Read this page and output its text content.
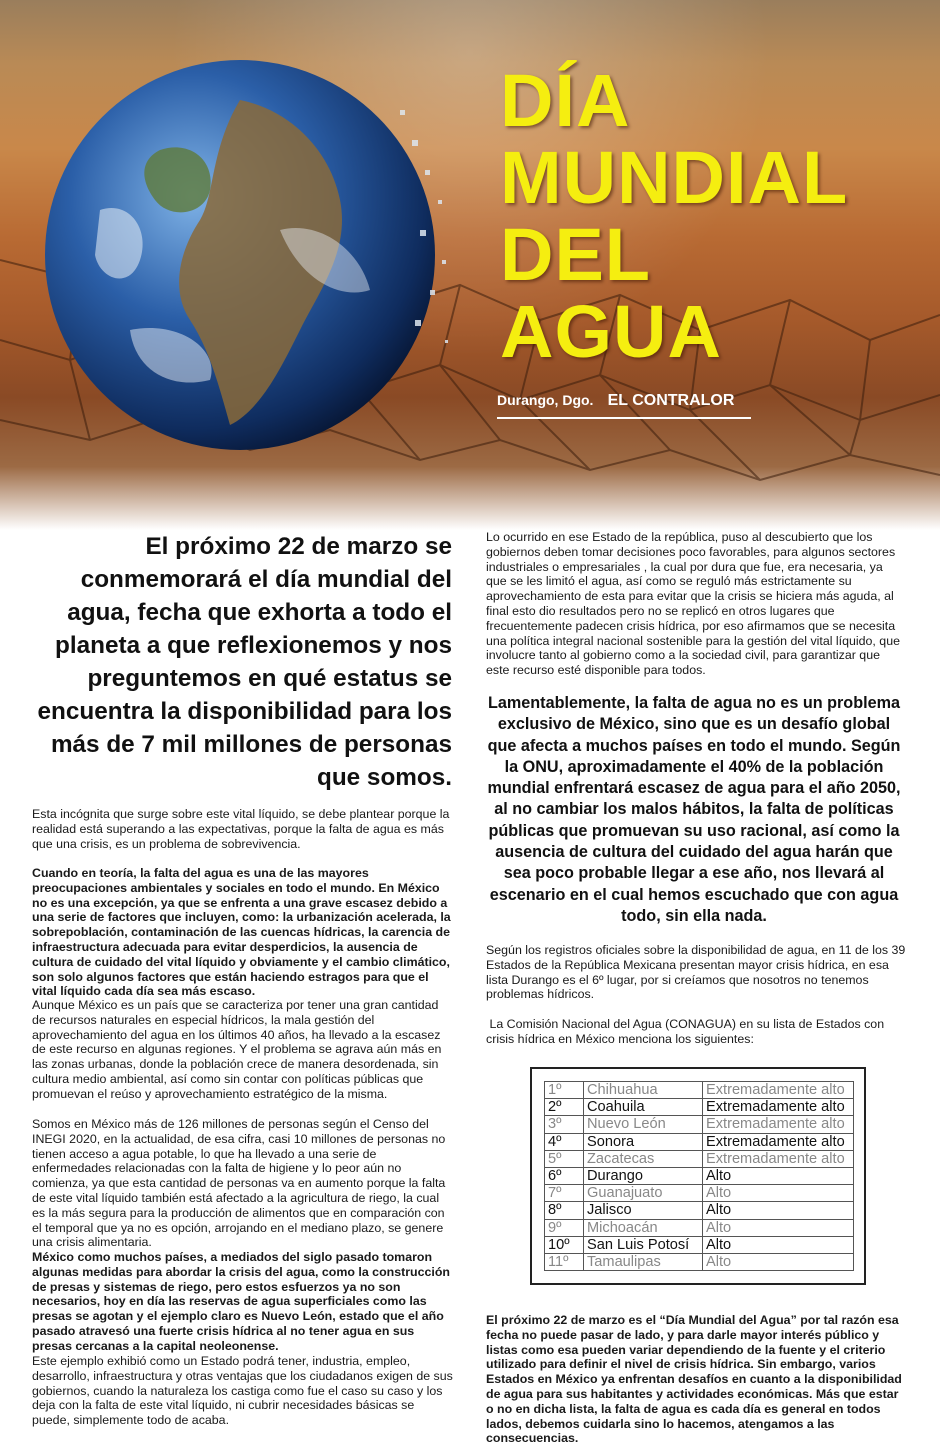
DÍA
MUNDIAL
DEL
AGUA
Durango, Dgo. EL CONTRALOR

El próximo 22 de marzo se conmemorará el día mundial del agua, fecha que exhorta a todo el planeta a que reflexionemos y nos preguntemos en qué estatus se encuentra la disponibilidad para los más de 7 mil millones de personas que somos.

Esta incógnita que surge sobre este vital líquido, se debe plantear porque la realidad está superando a las expectativas, porque la falta de agua es más que una crisis, es un problema de sobrevivencia.

Cuando en teoría, la falta del agua es una de las mayores preocupaciones ambientales y sociales en todo el mundo. En México no es una excepción, ya que se enfrenta a una grave escasez debido a una serie de factores que incluyen, como: la urbanización acelerada, la sobrepoblación, contaminación de las cuencas hídricas, la carencia de infraestructura adecuada para evitar desperdicios, la ausencia de cultura de cuidado del vital líquido y obviamente y el cambio climático, son solo algunos factores que están haciendo estragos para que el vital líquido cada día sea más escaso.

Aunque México es un país que se caracteriza por tener una gran cantidad de recursos naturales en especial hídricos, la mala gestión del aprovechamiento del agua en los últimos 40 años, ha llevado a la escasez de este recurso en algunas regiones. Y el problema se agrava aún más en las zonas urbanas, donde la población crece de manera desordenada, sin cultura medio ambiental, así como sin contar con políticas públicas que promuevan el reúso y aprovechamiento estratégico de la misma.

Somos en México más de 126 millones de personas según el Censo del INEGI 2020, en la actualidad, de esa cifra, casi 10 millones de personas no tienen acceso a agua potable, lo que ha llevado a una serie de enfermedades relacionadas con la falta de higiene y lo peor aún no comienza, ya que esta cantidad de personas va en aumento porque la falta de este vital líquido también está afectado a la agricultura de riego, la cual es la más segura para la producción de alimentos que en comparación con el temporal que ya no es opción, arrojando en el mediano plazo, se genere una crisis alimentaria.

México como muchos países, a mediados del siglo pasado tomaron algunas medidas para abordar la crisis del agua, como la construcción de presas y sistemas de riego, pero estos esfuerzos ya no son necesarios, hoy en día las reservas de agua superficiales como las presas se agotan y el ejemplo claro es Nuevo León, estado que el año pasado atravesó una fuerte crisis hídrica al no tener agua en sus presas cercanas a la capital neoleonense.

Este ejemplo exhibió como un Estado podrá tener, industria, empleo, desarrollo, infraestructura y otras ventajas que los ciudadanos exigen de sus gobiernos, cuando la naturaleza los castiga como fue el caso su caso y los deja con la falta de este vital líquido, ni cubrir necesidades básicas se puede, simplemente todo de acaba.

Lo ocurrido en ese Estado de la república, puso al descubierto que los gobiernos deben tomar decisiones poco favorables, para algunos sectores industriales o empresariales , la cual por dura que fue, era necesaria, ya que se les limitó el agua, así como se reguló más estrictamente su aprovechamiento de esta para evitar que la crisis se hiciera más aguda, al final esto dio resultados pero no se replicó en otros lugares que frecuentemente padecen crisis hídrica, por eso afirmamos que se necesita una política integral nacional sostenible para la gestión del vital líquido, que involucre tanto al gobierno como a la sociedad civil, para garantizar que este recurso esté disponible para todos.

Lamentablemente, la falta de agua no es un problema exclusivo de México, sino que es un desafío global que afecta a muchos países en todo el mundo. Según la ONU, aproximadamente el 40% de la población mundial enfrentará escasez de agua para el año 2050, al no cambiar los malos hábitos, la falta de políticas públicas que promuevan su uso racional, así como la ausencia de cultura del cuidado del agua harán que sea poco probable llegar a ese año, nos llevará al escenario en el cual hemos escuchado que con agua todo, sin ella nada.

Según los registros oficiales sobre la disponibilidad de agua, en 11 de los 39 Estados de la República Mexicana presentan mayor crisis hídrica, en esa lista Durango es el 6º lugar, por si creíamos que nosotros no tenemos problemas hídricos.

La Comisión Nacional del Agua (CONAGUA) en su lista de Estados con crisis hídrica en México menciona los siguientes:

1º	Chihuahua	Extremadamente alto
2º	Coahuila	Extremadamente alto
3º	Nuevo León	Extremadamente alto
4º	Sonora	Extremadamente alto
5º	Zacatecas	Extremadamente alto
6º	Durango	Alto
7º	Guanajuato	Alto
8º	Jalisco	Alto
9º	Michoacán	Alto
10º	San Luis Potosí	Alto
11º	Tamaulipas	Alto

El próximo 22 de marzo es el “Día Mundial del Agua” por tal razón esa fecha no puede pasar de lado, y para darle mayor interés público y listas como esa pueden variar dependiendo de la fuente y el criterio utilizado para definir el nivel de crisis hídrica. Sin embargo, varios Estados en México ya enfrentan desafíos en cuanto a la disponibilidad de agua para sus habitantes y actividades económicas. Más que estar o no en dicha lista, la falta de agua es cada día es general en todos lados, debemos cuidarla sino lo hacemos, atengamos a las consecuencias.
